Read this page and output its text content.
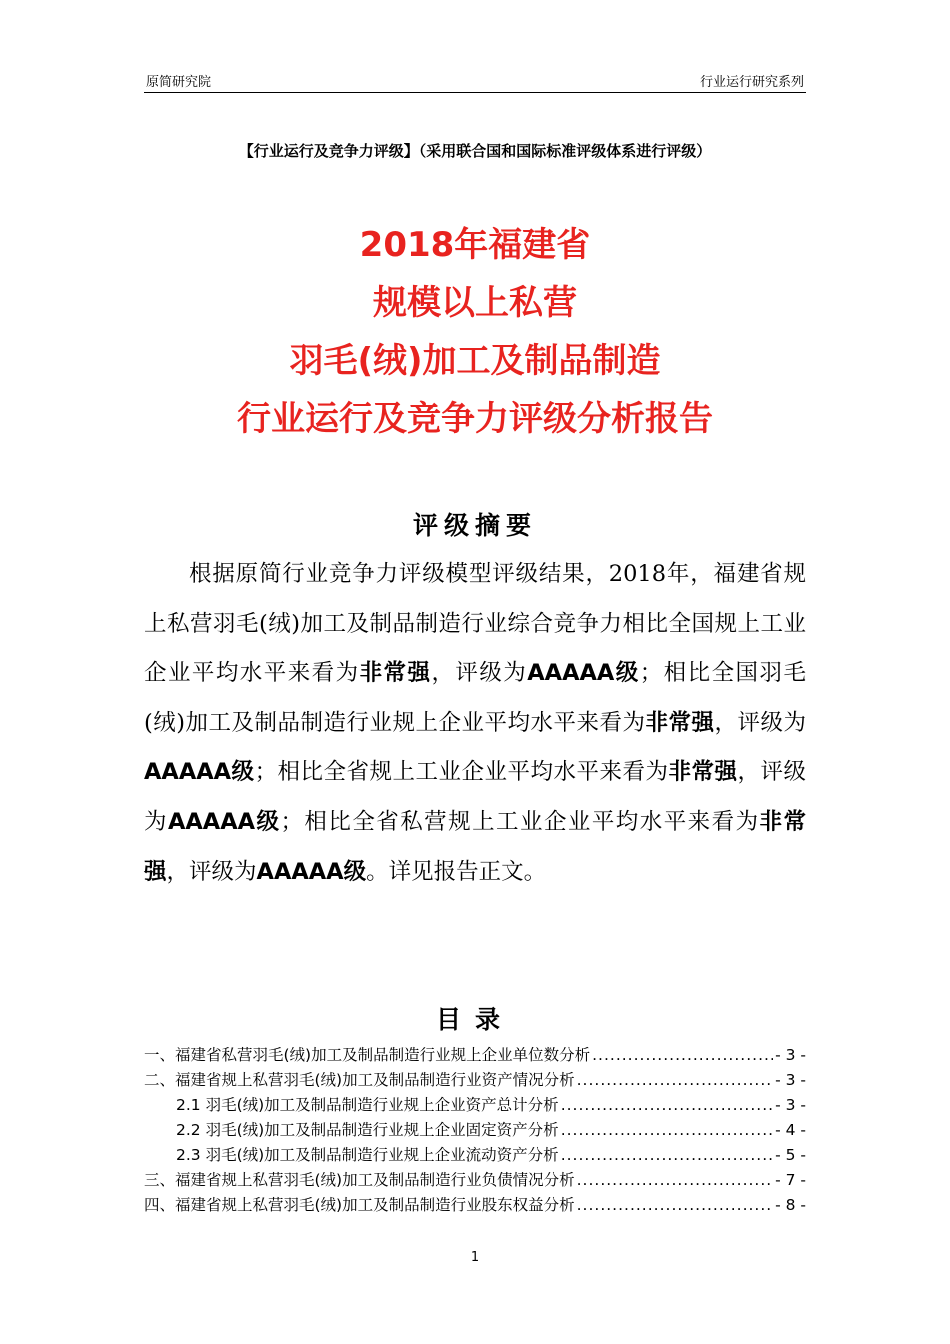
原简研究院	行业运行研究系列
【行业运行及竞争力评级】（采用联合国和国际标准评级体系进行评级）
2018年福建省
规模以上私营
羽毛(绒)加工及制品制造
行业运行及竞争力评级分析报告
评级摘要
根据原简行业竞争力评级模型评级结果，2018年，福建省规上私营羽毛(绒)加工及制品制造行业综合竞争力相比全国规上工业企业平均水平来看为非常强，评级为AAAAA级；相比全国羽毛(绒)加工及制品制造行业规上企业平均水平来看为非常强，评级为AAAAA级；相比全省规上工业企业平均水平来看为非常强，评级为AAAAA级；相比全省私营规上工业企业平均水平来看为非常强，评级为AAAAA级。详见报告正文。
目录
一、福建省私营羽毛(绒)加工及制品制造行业规上企业单位数分析 .....	- 3 -
二、福建省规上私营羽毛(绒)加工及制品制造行业资产情况分析 .....	- 3 -
2.1 羽毛(绒)加工及制品制造行业规上企业资产总计分析 .....	- 3 -
2.2 羽毛(绒)加工及制品制造行业规上企业固定资产分析 .....	- 4 -
2.3 羽毛(绒)加工及制品制造行业规上企业流动资产分析 .....	- 5 -
三、福建省规上私营羽毛(绒)加工及制品制造行业负债情况分析 .....	- 7 -
四、福建省规上私营羽毛(绒)加工及制品制造行业股东权益分析 .....	- 8 -
1
